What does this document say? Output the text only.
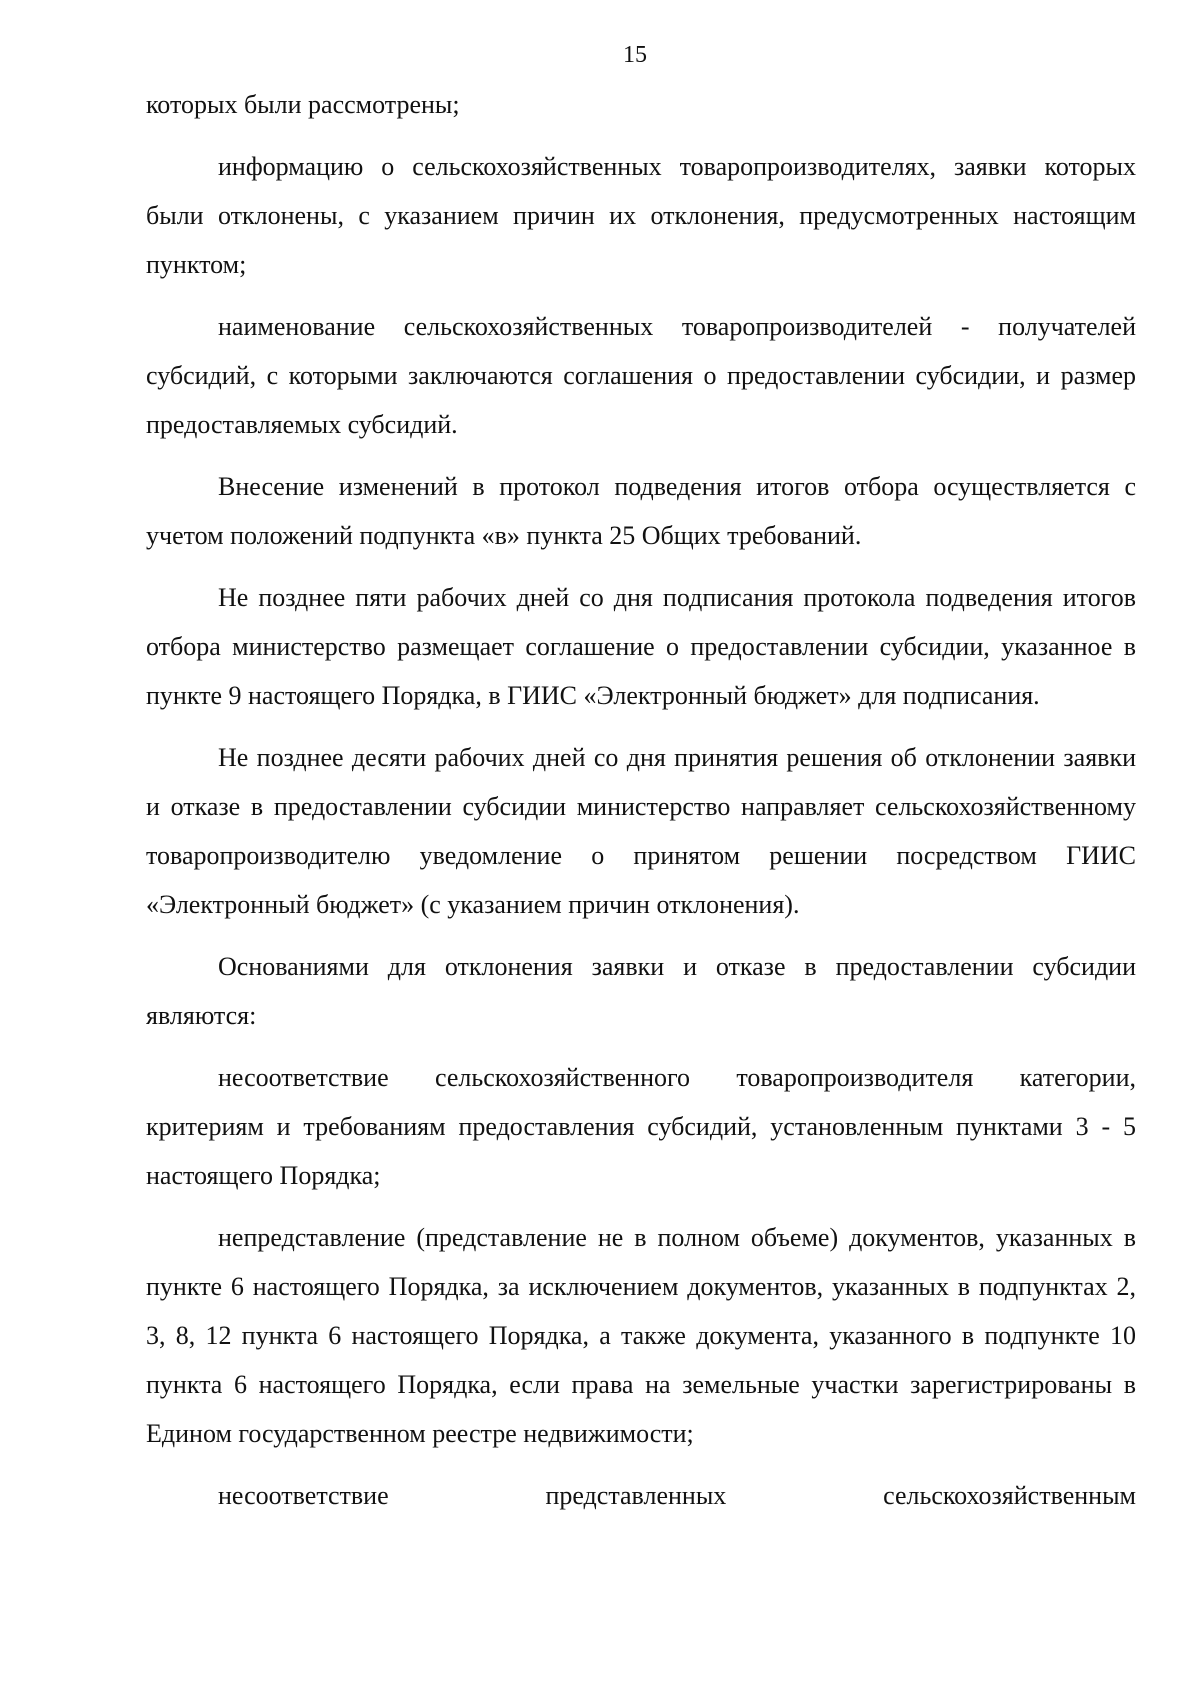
15

которых были рассмотрены;

информацию о сельскохозяйственных товаропроизводителях, заявки которых были отклонены, с указанием причин их отклонения, предусмотренных настоящим пунктом;

наименование сельскохозяйственных товаропроизводителей - получателей субсидий, с которыми заключаются соглашения о предоставлении субсидии, и размер предоставляемых субсидий.

Внесение изменений в протокол подведения итогов отбора осуществляется с учетом положений подпункта «в» пункта 25 Общих требований.

Не позднее пяти рабочих дней со дня подписания протокола подведения итогов отбора министерство размещает соглашение о предоставлении субсидии, указанное в пункте 9 настоящего Порядка, в ГИИС «Электронный бюджет» для подписания.

Не позднее десяти рабочих дней со дня принятия решения об отклонении заявки и отказе в предоставлении субсидии министерство направляет сельскохозяйственному товаропроизводителю уведомление о принятом решении посредством ГИИС «Электронный бюджет» (с указанием причин отклонения).

Основаниями для отклонения заявки и отказе в предоставлении субсидии являются:

несоответствие сельскохозяйственного товаропроизводителя категории, критериям и требованиям предоставления субсидий, установленным пунктами 3 - 5 настоящего Порядка;

непредставление (представление не в полном объеме) документов, указанных в пункте 6 настоящего Порядка, за исключением документов, указанных в подпунктах 2, 3, 8, 12 пункта 6 настоящего Порядка, а также документа, указанного в подпункте 10 пункта 6 настоящего Порядка, если права на земельные участки зарегистрированы в Едином государственном реестре недвижимости;

несоответствие представленных сельскохозяйственным
